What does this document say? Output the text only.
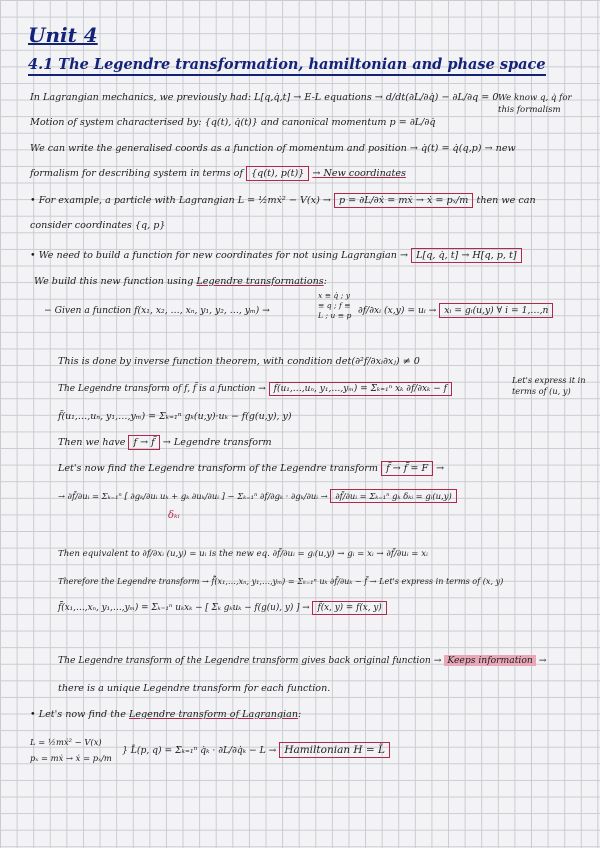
Unit 4
4.1 The Legendre transformation, hamiltonian and phase space
In Lagrangian mechanics, we previously had: L[q,q̇,t] → E-L equations → d/dt(∂L/∂q̇) − ∂L/∂q = 0 We know q, q̇ for this formalism
Motion of system characterised by: {q(t), q̇(t)} and canonical momentum p = ∂L/∂q̇
We can write the generalised coords as a function of momentum and position → q̇(t) = q̇(q,p) → new
formalism for describing system in terms of {q(t), p(t)} → New coordinates
• For example, a particle with Lagrangian L = ½mẋ² − V(x) → p = ∂L/∂ẋ = mẋ → ẋ = pₓ/m then we can
consider coordinates {q, p}
• We need to build a function for new coordinates for not using Lagrangian → L[q, q̇, t] → H[q, p, t]
We build this new function using Legendre transformations:
− Given a function f(x₁, x₂, …, xₙ, y₁, y₂, …, yₘ) →
x ≡ q̇ ; y ≡ q ; f ≡ L ; u ≡ p ∂f/∂xᵢ (x,y) = uᵢ → xᵢ = gᵢ(u,y) ∀ i = 1,…,n
This is done by inverse function theorem, with condition det(∂²f/∂xᵢ∂xⱼ) ≠ 0
The Legendre transform of f, f̃ is a function → f̃(u₁,…,uₙ, y₁,…,yₘ) = Σₖ₌₁ⁿ xₖ ∂f/∂xₖ − f
Let's express it in terms of (u, y)
f̃(u₁,…,uₙ, y₁,…,yₘ) = Σₖ₌₁ⁿ gₖ(u,y)·uₖ − f(g(u,y), y)
Then we have f → f̃ → Legendre transform
Let's now find the Legendre transform of the Legendre transform f̃ → f̃̃ = F →
→ ∂f̃/∂uᵢ = Σₖ₌₁ⁿ [ ∂gₖ/∂uᵢ uₖ + gₖ ∂uₖ/∂uᵢ ] − Σₖ₌₁ⁿ ∂f/∂gₖ · ∂gₖ/∂uᵢ → ∂f̃/∂uᵢ = Σₖ₌₁ⁿ gₖ δₖᵢ = gᵢ(u,y)
δₖᵢ
Then equivalent to ∂f/∂xᵢ (u,y) = uᵢ is the new eq. ∂f̃/∂uᵢ = gᵢ(u,y) → gᵢ = xᵢ → ∂f̃/∂uᵢ = xᵢ
Therefore the Legendre transform → f̃̃(x₁,…,xₙ, y₁,…,yₘ) = Σₖ₌₁ⁿ uₖ ∂f̃/∂uₖ − f̃ → Let's express in terms of (x, y)
f̃̃(x₁,…,xₙ, y₁,…,yₘ) = Σₖ₌₁ⁿ uₖxₖ − [ Σₖ gₖuₖ − f(g(u), y) ] → f̃̃(x, y) = f(x, y)
The Legendre transform of the Legendre transform gives back original function → Keeps information →
there is a unique Legendre transform for each function.
• Let's now find the Legendre transform of Lagrangian:
L = ½mẋ² − V(x)
pₓ = mẋ → ẋ = pₓ/m
} L̃(p, q) = Σₖ₌₁ⁿ q̇ₖ · ∂L/∂q̇ₖ − L → Hamiltonian H = L̃
